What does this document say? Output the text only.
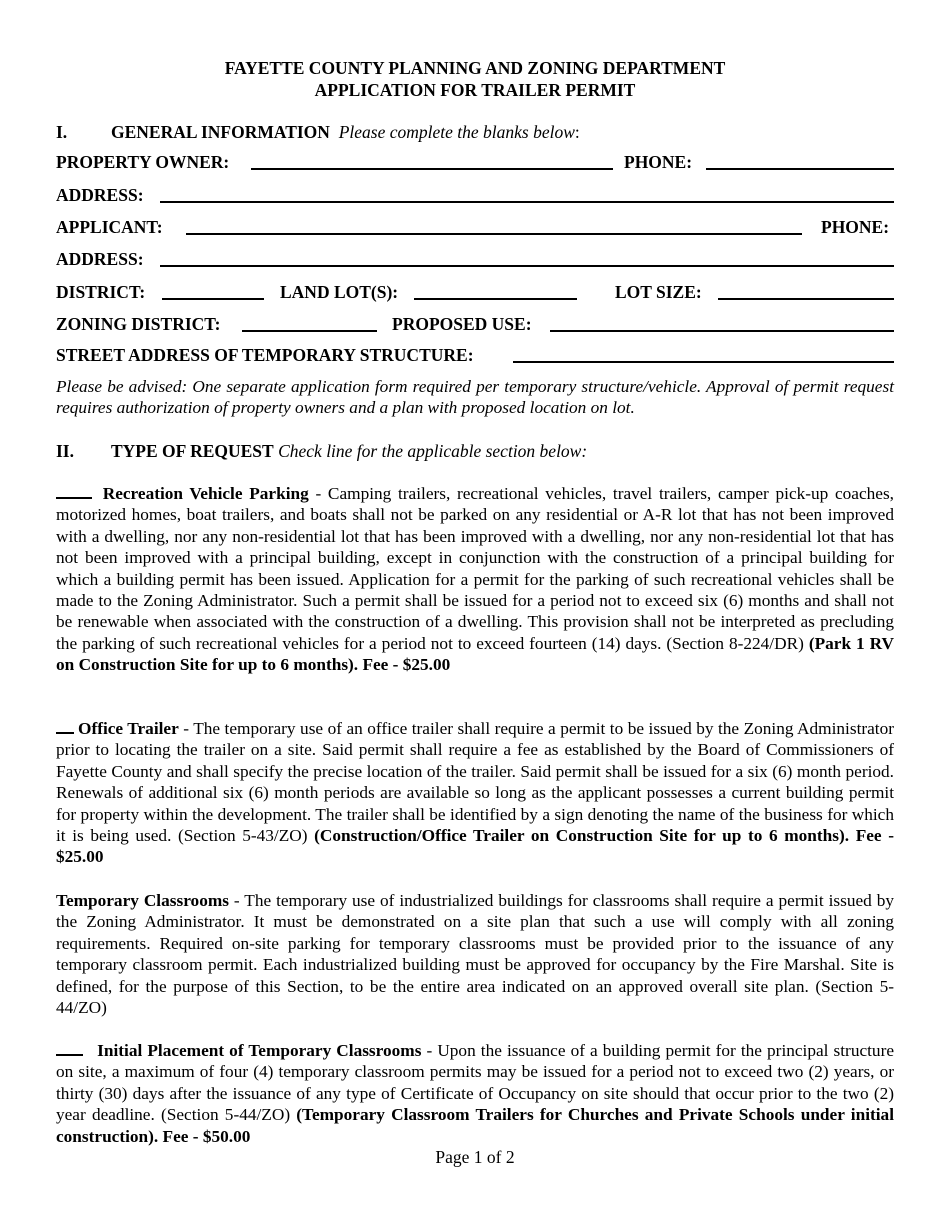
FAYETTE COUNTY PLANNING AND ZONING DEPARTMENT
APPLICATION FOR TRAILER PERMIT
I.	GENERAL INFORMATION Please complete the blanks below:
PROPERTY OWNER:	PHONE:
ADDRESS:
APPLICANT:	PHONE:
ADDRESS:
DISTRICT:	LAND LOT(S):	LOT SIZE:
ZONING DISTRICT:	PROPOSED USE:
STREET ADDRESS OF TEMPORARY STRUCTURE:
Please be advised: One separate application form required per temporary structure/vehicle. Approval of permit request requires authorization of property owners and a plan with proposed location on lot.
II. TYPE OF REQUEST Check line for the applicable section below:
Recreation Vehicle Parking - Camping trailers, recreational vehicles, travel trailers, camper pick-up coaches, motorized homes, boat trailers, and boats shall not be parked on any residential or A-R lot that has not been improved with a dwelling, nor any non-residential lot that has been improved with a dwelling, nor any non-residential lot that has not been improved with a principal building, except in conjunction with the construction of a principal building for which a building permit has been issued. Application for a permit for the parking of such recreational vehicles shall be made to the Zoning Administrator. Such a permit shall be issued for a period not to exceed six (6) months and shall not be renewable when associated with the construction of a dwelling. This provision shall not be interpreted as precluding the parking of such recreational vehicles for a period not to exceed fourteen (14) days. (Section 8-224/DR) (Park 1 RV on Construction Site for up to 6 months). Fee - $25.00
Office Trailer - The temporary use of an office trailer shall require a permit to be issued by the Zoning Administrator prior to locating the trailer on a site. Said permit shall require a fee as established by the Board of Commissioners of Fayette County and shall specify the precise location of the trailer. Said permit shall be issued for a six (6) month period. Renewals of additional six (6) month periods are available so long as the applicant possesses a current building permit for property within the development. The trailer shall be identified by a sign denoting the name of the business for which it is being used. (Section 5-43/ZO) (Construction/Office Trailer on Construction Site for up to 6 months). Fee - $25.00
Temporary Classrooms - The temporary use of industrialized buildings for classrooms shall require a permit issued by the Zoning Administrator. It must be demonstrated on a site plan that such a use will comply with all zoning requirements. Required on-site parking for temporary classrooms must be provided prior to the issuance of any temporary classroom permit. Each industrialized building must be approved for occupancy by the Fire Marshal. Site is defined, for the purpose of this Section, to be the entire area indicated on an approved overall site plan. (Section 5-44/ZO)
Initial Placement of Temporary Classrooms - Upon the issuance of a building permit for the principal structure on site, a maximum of four (4) temporary classroom permits may be issued for a period not to exceed two (2) years, or thirty (30) days after the issuance of any type of Certificate of Occupancy on site should that occur prior to the two (2) year deadline. (Section 5-44/ZO) (Temporary Classroom Trailers for Churches and Private Schools under initial construction). Fee - $50.00
Page 1 of 2
